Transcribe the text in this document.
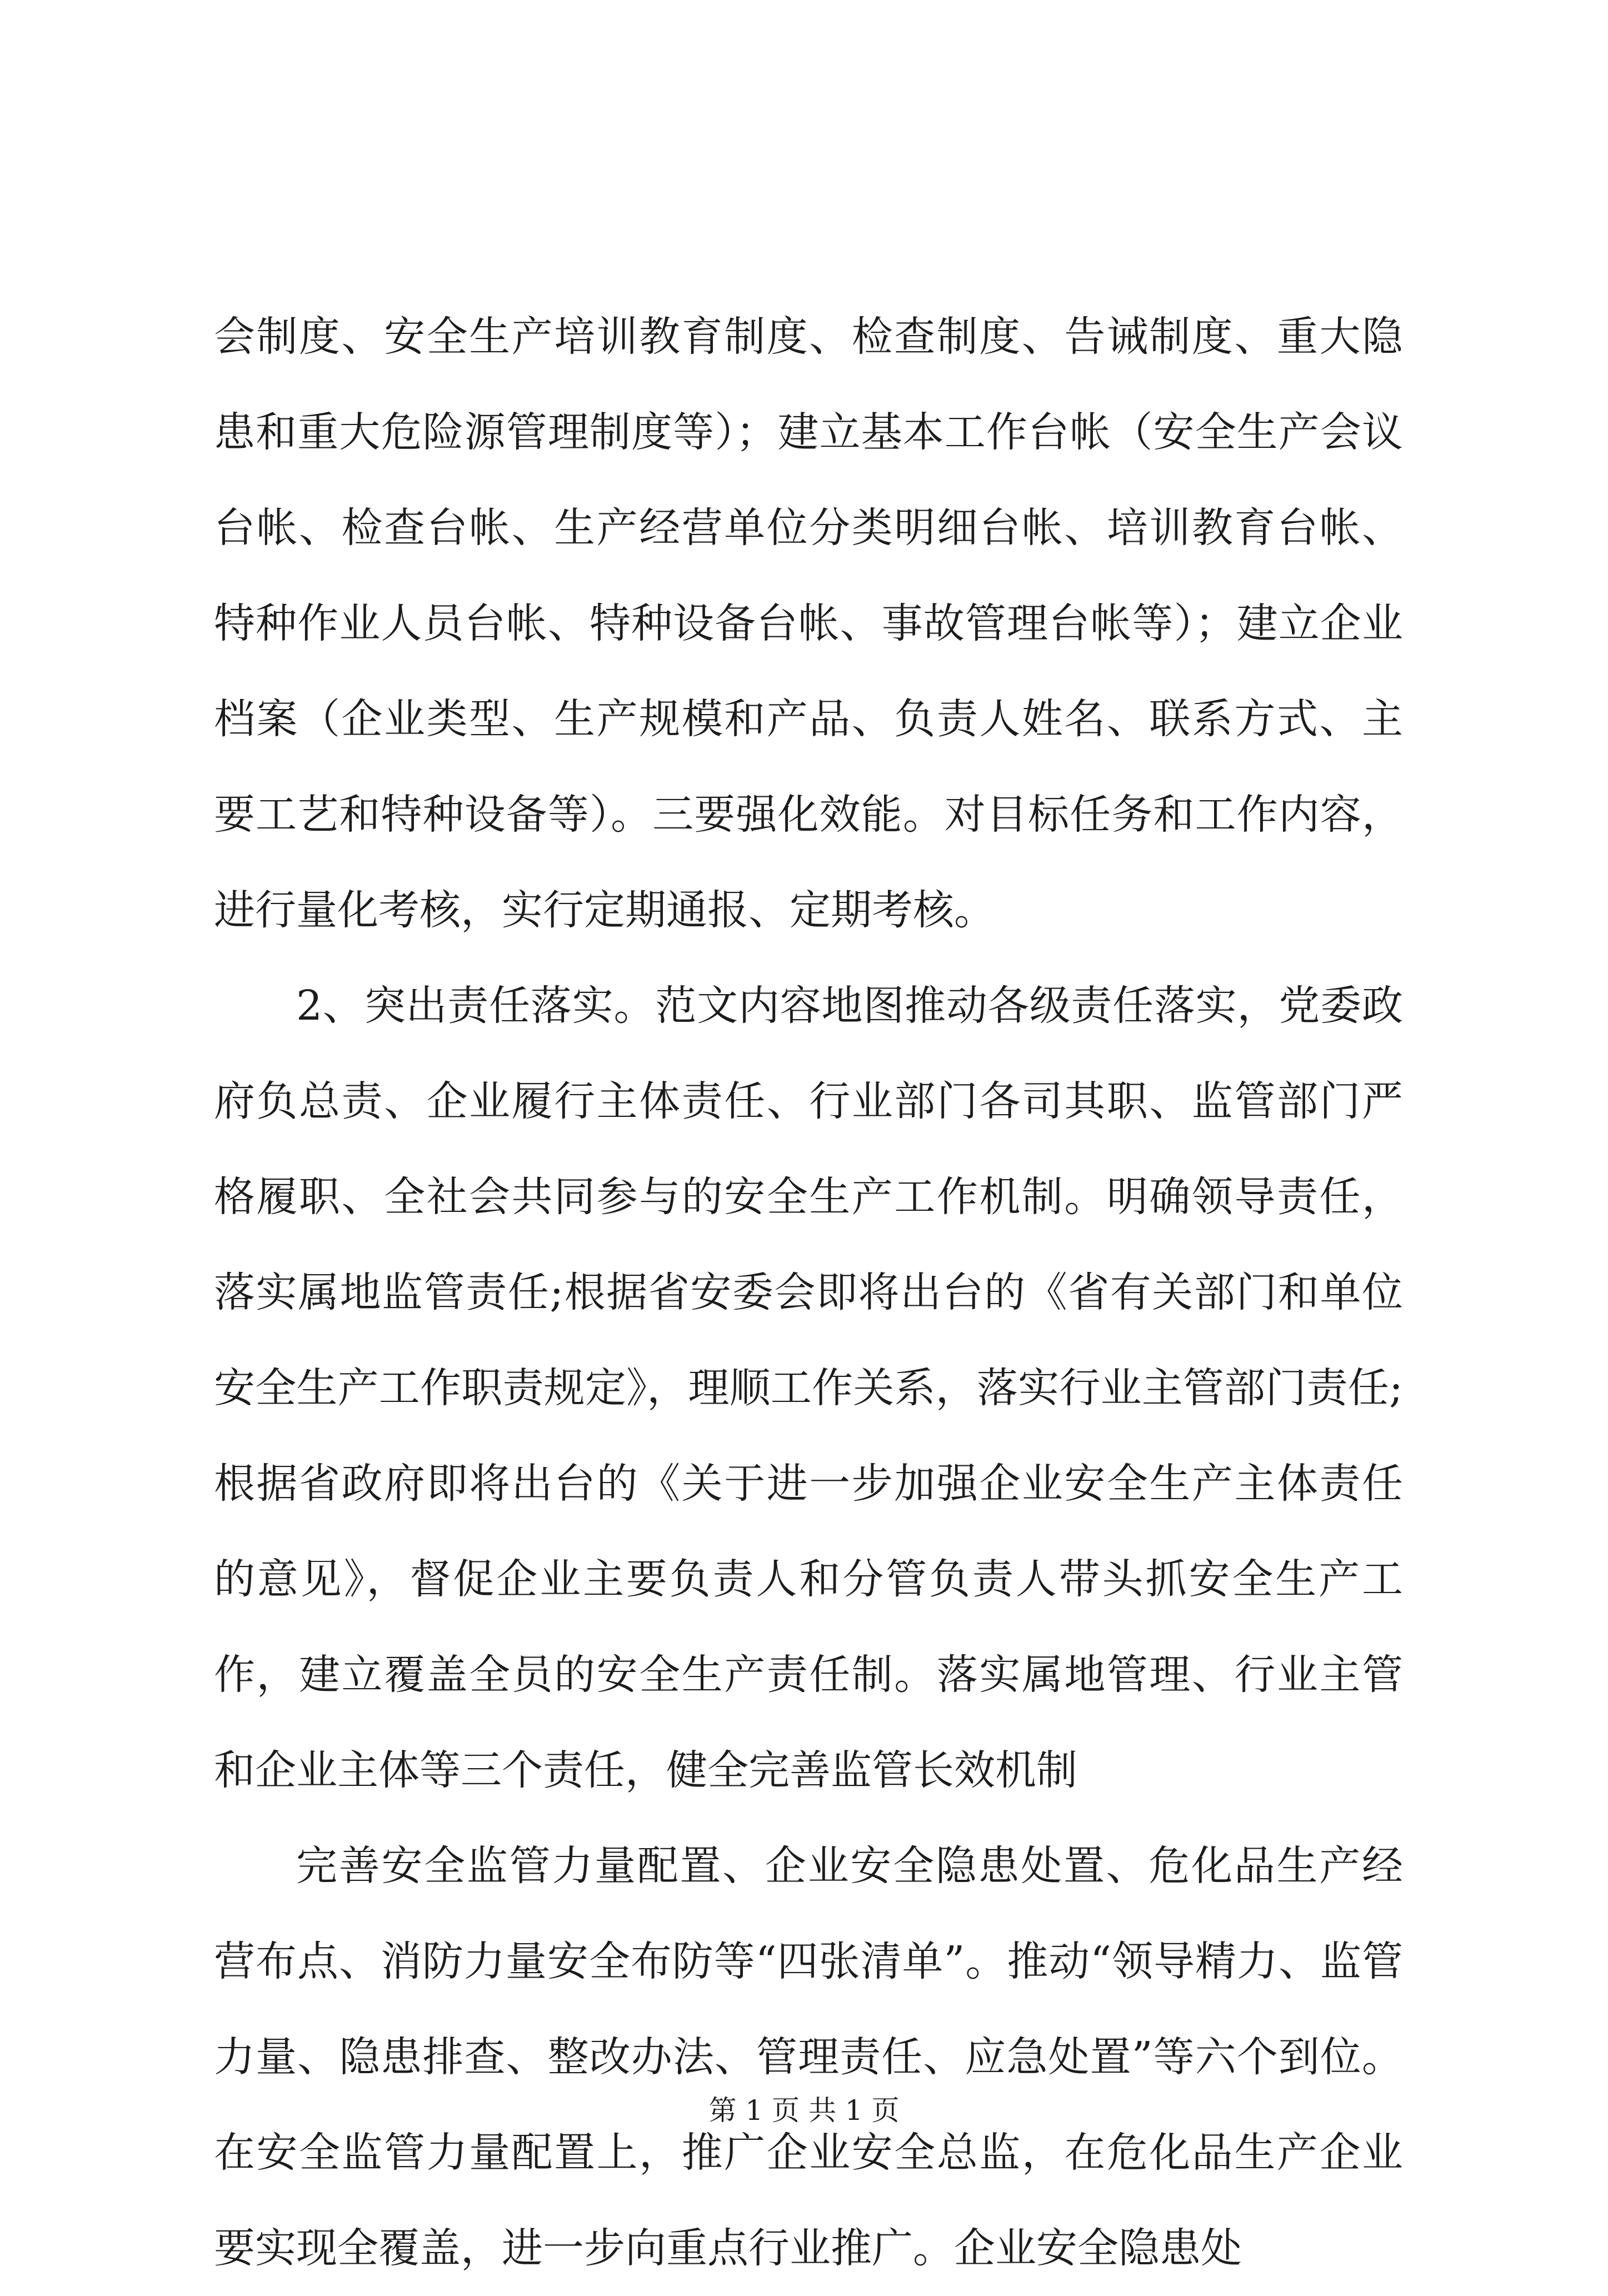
会制度、安全生产培训教育制度、检查制度、告诫制度、重大隐患和重大危险源管理制度等）；建立基本工作台帐（安全生产会议台帐、检查台帐、生产经营单位分类明细台帐、培训教育台帐、特种作业人员台帐、特种设备台帐、事故管理台帐等）；建立企业档案（企业类型、生产规模和产品、负责人姓名、联系方式、主要工艺和特种设备等）。三要强化效能。对目标任务和工作内容，进行量化考核，实行定期通报、定期考核。

2、突出责任落实。范文内容地图推动各级责任落实，党委政府负总责、企业履行主体责任、行业部门各司其职、监管部门严格履职、全社会共同参与的安全生产工作机制。明确领导责任，落实属地监管责任;根据省安委会即将出台的《省有关部门和单位安全生产工作职责规定》，理顺工作关系，落实行业主管部门责任;根据省政府即将出台的《关于进一步加强企业安全生产主体责任的意见》，督促企业主要负责人和分管负责人带头抓安全生产工作，建立覆盖全员的安全生产责任制。落实属地管理、行业主管和企业主体等三个责任，健全完善监管长效机制

完善安全监管力量配置、企业安全隐患处置、危化品生产经营布点、消防力量安全布防等“四张清单”。推动“领导精力、监管力量、隐患排查、整改办法、管理责任、应急处置”等六个到位。在安全监管力量配置上，推广企业安全总监，在危化品生产企业要实现全覆盖，进一步向重点行业推广。企业安全隐患处

第 1 页 共 1 页
